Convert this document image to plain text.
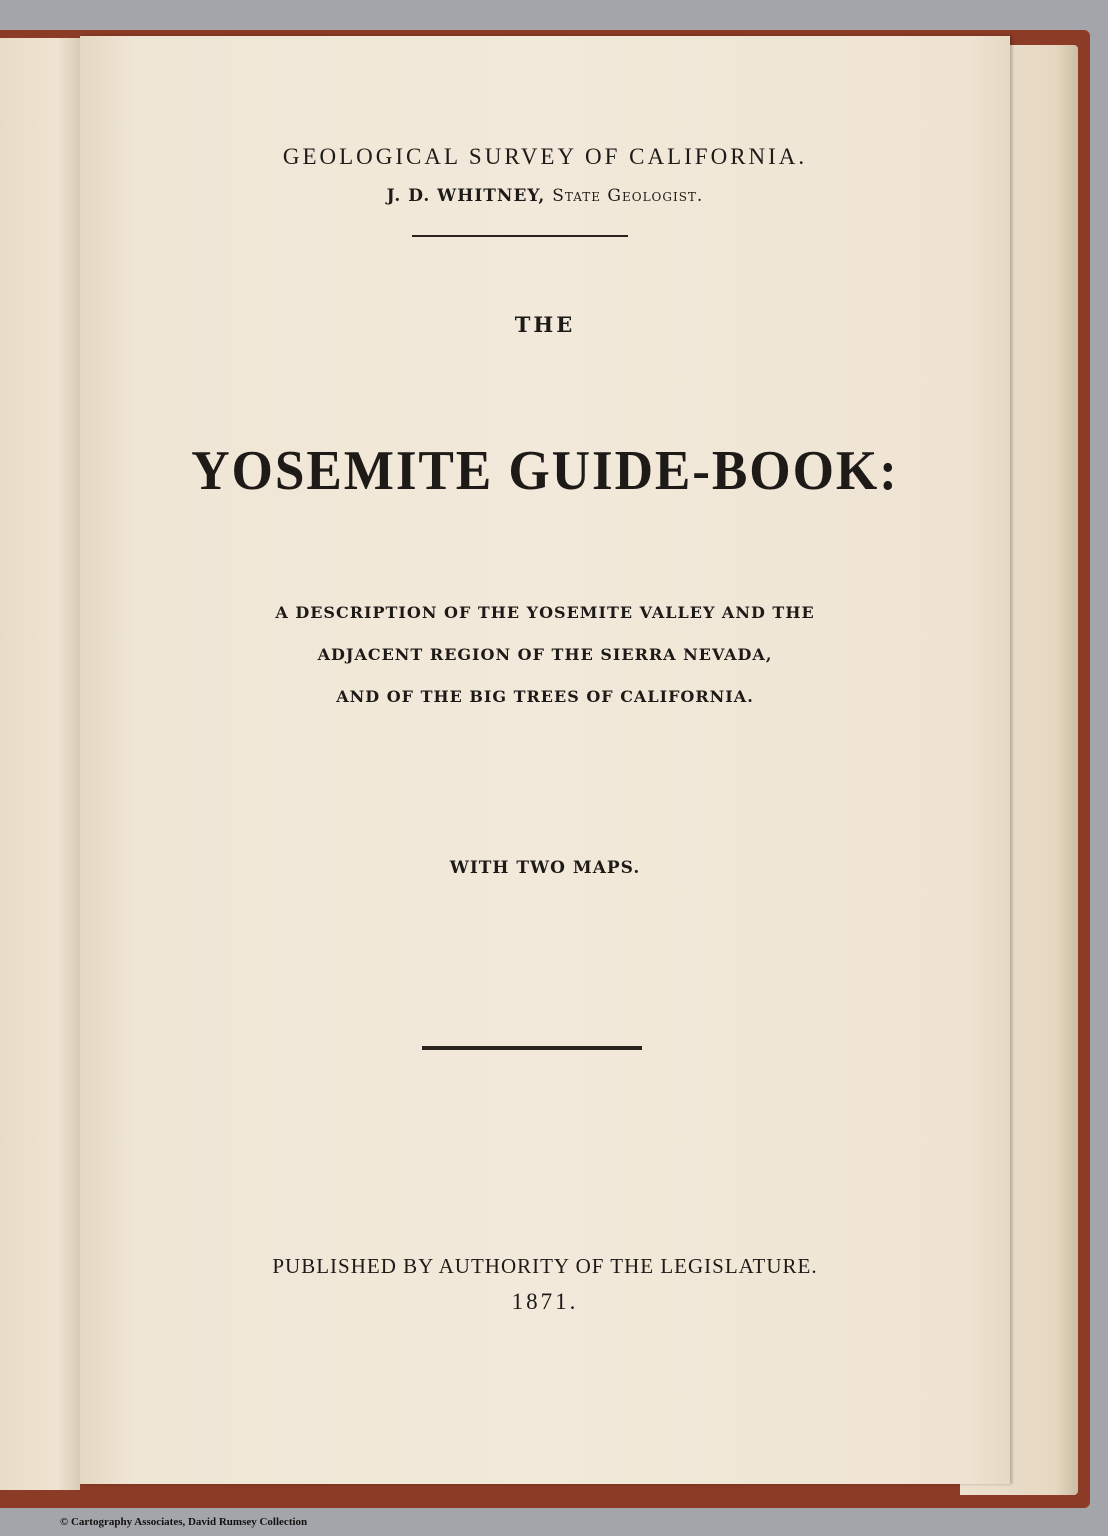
GEOLOGICAL SURVEY OF CALIFORNIA.
J. D. WHITNEY, State Geologist.
THE
YOSEMITE GUIDE-BOOK:
A DESCRIPTION OF THE YOSEMITE VALLEY AND THE
ADJACENT REGION OF THE SIERRA NEVADA,
AND OF THE BIG TREES OF CALIFORNIA.
WITH TWO MAPS.
PUBLISHED BY AUTHORITY OF THE LEGISLATURE.
1871.
© Cartography Associates, David Rumsey Collection
